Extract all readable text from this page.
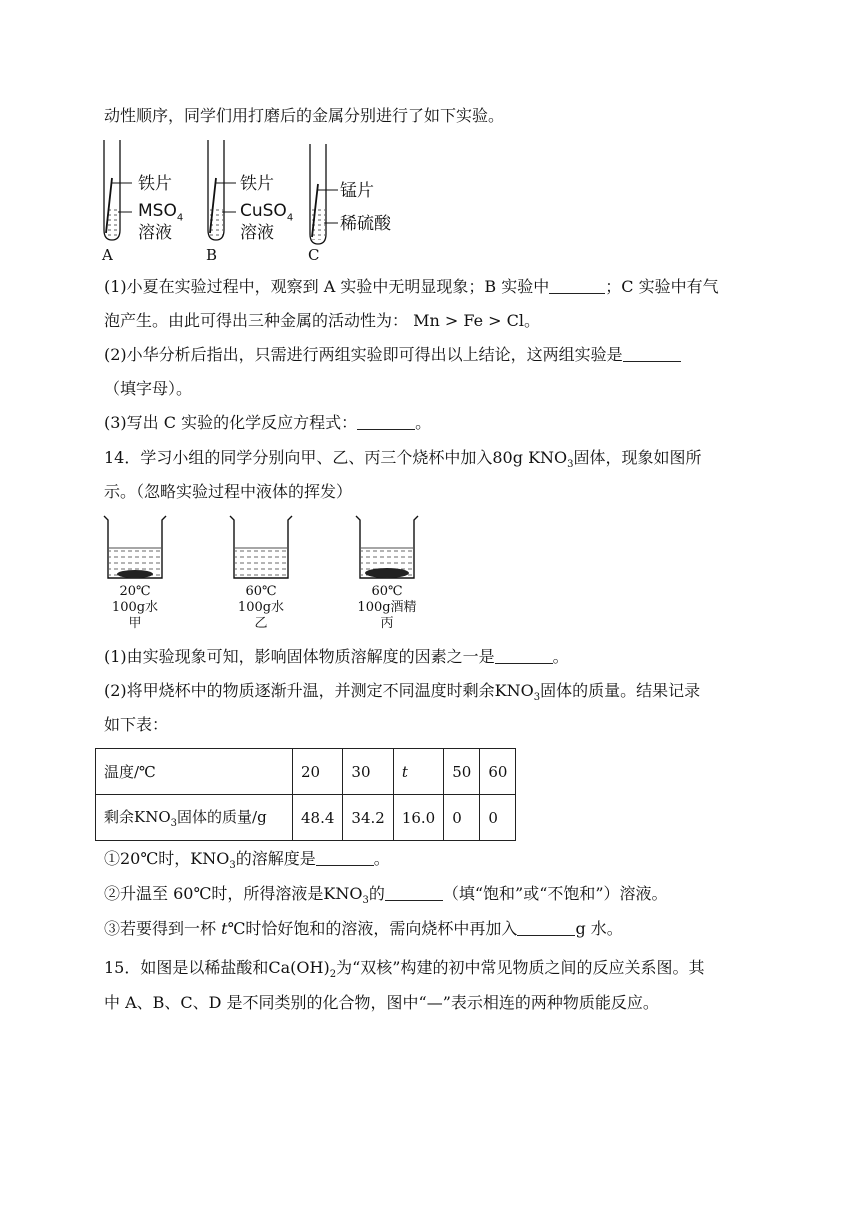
动性顺序，同学们用打磨后的金属分别进行了如下实验。
铁片
$MSO_4$
溶液
A
铁片
CuSO$_4$
溶液
B
锰片
稀硫酸
C
(1)小夏在实验过程中，观察到 A 实验中无明显现象；B 实验中	；C 实验中有气
泡产生。由此可得出三种金属的活动性为： Mn > Fe > Cl。
(2)小华分析后指出，只需进行两组实验即可得出以上结论，这两组实验是
（填字母）。
(3)写出 C 实验的化学反应方程式：	。
14．学习小组的同学分别向甲、乙、丙三个烧杯中加入80g $KNO_3$固体，现象如图所
示。（忽略实验过程中液体的挥发）
20℃
100g水
甲
60℃
100g水
乙
60℃
100g酒精
丙
(1)由实验现象可知，影响固体物质溶解度的因素之一是	。
(2)将甲烧杯中的物质逐渐升温，并测定不同温度时剩余$KNO_3$固体的质量。结果记录
如下表：
温度/℃	20	30	t	50	60
剩余$KNO_3$固体的质量/g	48.4	34.2	16.0	0	0
①20℃时，$KNO_3$的溶解度是	。
②升温至 60℃时，所得溶液是$KNO_3$的	（填“饱和”或“不饱和”）溶液。
③若要得到一杯 t℃时恰好饱和的溶液，需向烧杯中再加入	g 水。
15．如图是以稀盐酸和$Ca(OH)_2$为“双核”构建的初中常见物质之间的反应关系图。其
中 A、B、C、D 是不同类别的化合物，图中“—”表示相连的两种物质能反应。
